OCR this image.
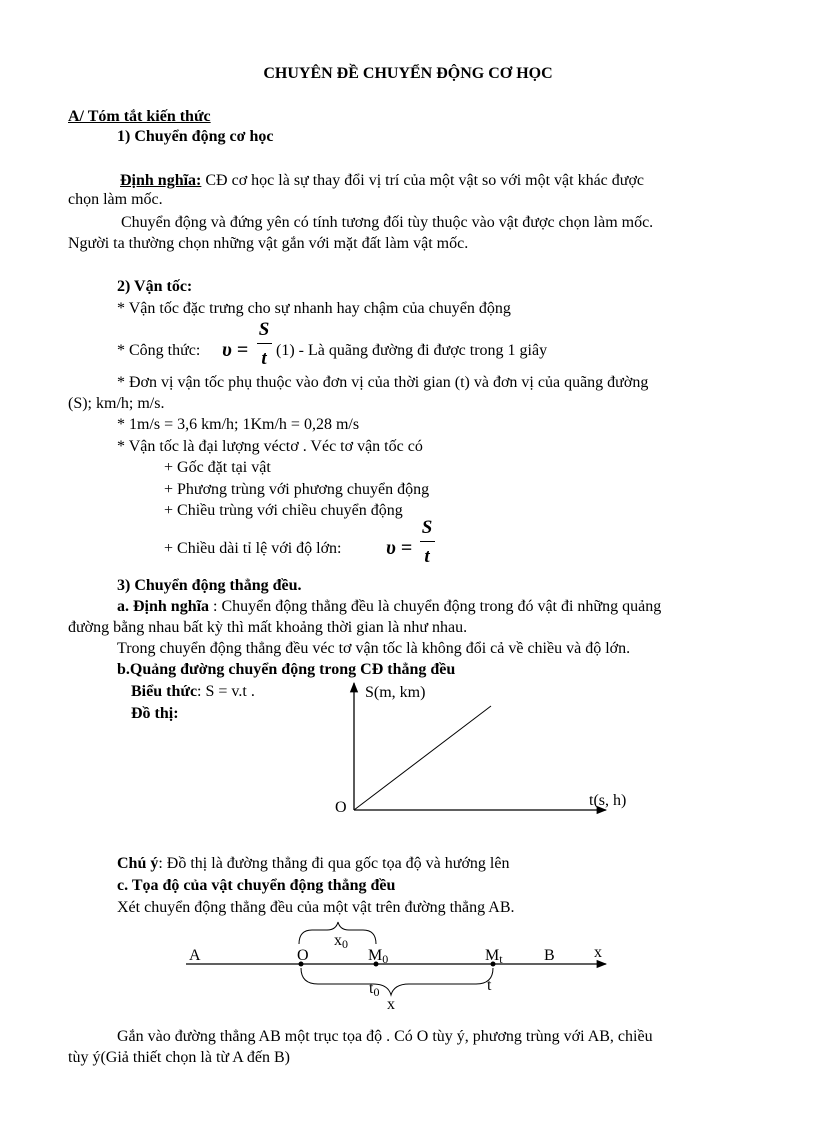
CHUYÊN ĐỀ CHUYỂN ĐỘNG CƠ HỌC
A/ Tóm tắt kiến thức
1) Chuyển động cơ học
Định nghĩa: CĐ cơ học là sự thay đổi vị trí của một vật so với một vật khác được
chọn làm mốc.
Chuyển động và đứng yên có tính tương đối tùy thuộc vào vật được chọn làm mốc.
Người ta thường chọn những vật gắn với mặt đất làm vật mốc.
2) Vận tốc:
* Vận tốc đặc trưng cho sự nhanh hay chậm của chuyển động
* Công thức: υ =
S
t (1) - Là quãng đường đi được trong 1 giây
* Đơn vị vận tốc phụ thuộc vào đơn vị của thời gian (t) và đơn vị của quãng đường
(S); km/h; m/s.
* 1m/s = 3,6 km/h; 1Km/h = 0,28 m/s
* Vận tốc là đại lượng véctơ . Véc tơ vận tốc có
+ Gốc đặt tại vật
+ Phương trùng với phương chuyển động
+ Chiều trùng với chiều chuyển động
+ Chiều dài tỉ lệ với độ lớn: υ =
S
t
3) Chuyển động thẳng đều.
a. Định nghĩa : Chuyển động thẳng đều là chuyển động trong đó vật đi những quảng
đường bằng nhau bất kỳ thì mất khoảng thời gian là như nhau.
Trong chuyển động thẳng đều véc tơ vận tốc là không đổi cả về chiều và độ lớn.
b.Quảng đường chuyển động trong CĐ thẳng đều
Biểu thức: S = v.t .
Đồ thị:
S(m, km)
t(s, h)
O
Chú ý: Đồ thị là đường thẳng đi qua gốc tọa độ và hướng lên
c. Tọa độ của vật chuyển động thẳng đều
Xét chuyển động thẳng đều của một vật trên đường thẳng AB.
A	O	M0	Mt	B x
x0
t0
x
t
Gắn vào đường thẳng AB một trục tọa độ . Có O tùy ý, phương trùng với AB, chiều
tùy ý(Giả thiết chọn là từ A đến B)
